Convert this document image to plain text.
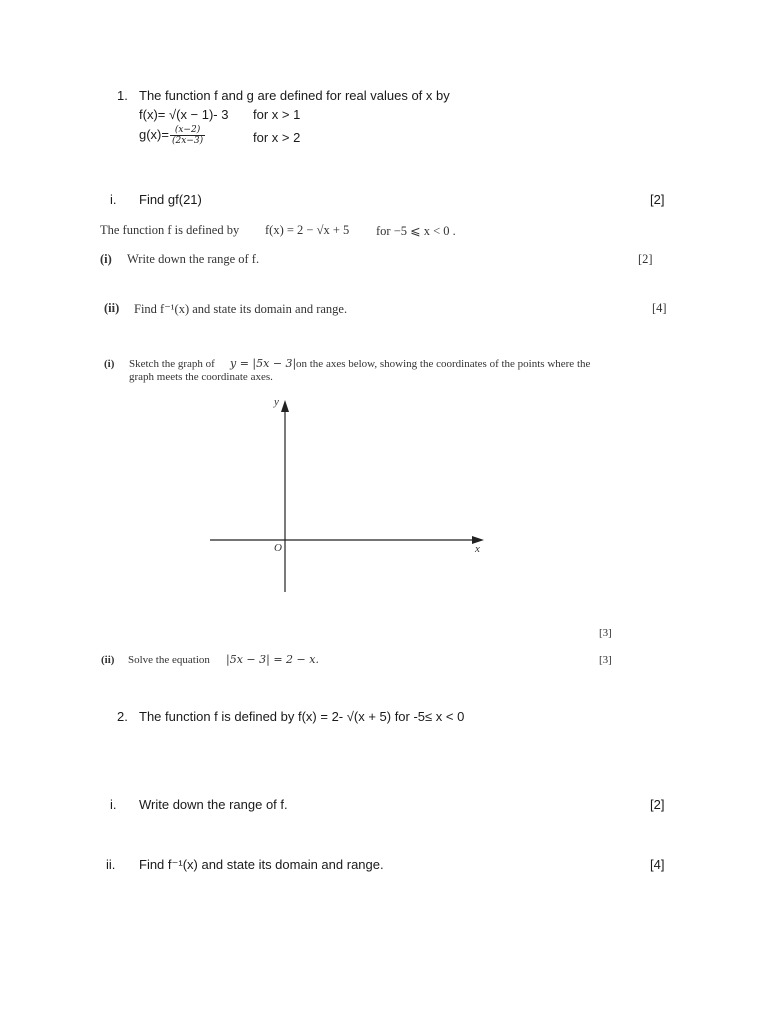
1. The function f and g are defined for real values of x by
f(x)= √(x − 1)- 3 for x > 1
$g(x)= \frac{(x-2)}{(2x-3)}$	for x > 2
i. Find gf(21)	[2]
The function f is defined by f(x) = 2 − √x + 5 for −5 ⩽ x < 0 .
(i) Write down the range of f.	[2]
(ii) Find f⁻¹(x) and state its domain and range.	[4]
(i) Sketch the graph of y = |5x − 3| on the axes below, showing the coordinates of the points where the
graph meets the coordinate axes.
y
x
O
[3]
(ii) Solve the equation |5x − 3| = 2 − x.	[3]
2. The function f is defined by f(x) = 2- √(x + 5) for -5≤ x < 0
i. Write down the range of f.	[2]
ii. Find f⁻¹(x) and state its domain and range.	[4]
